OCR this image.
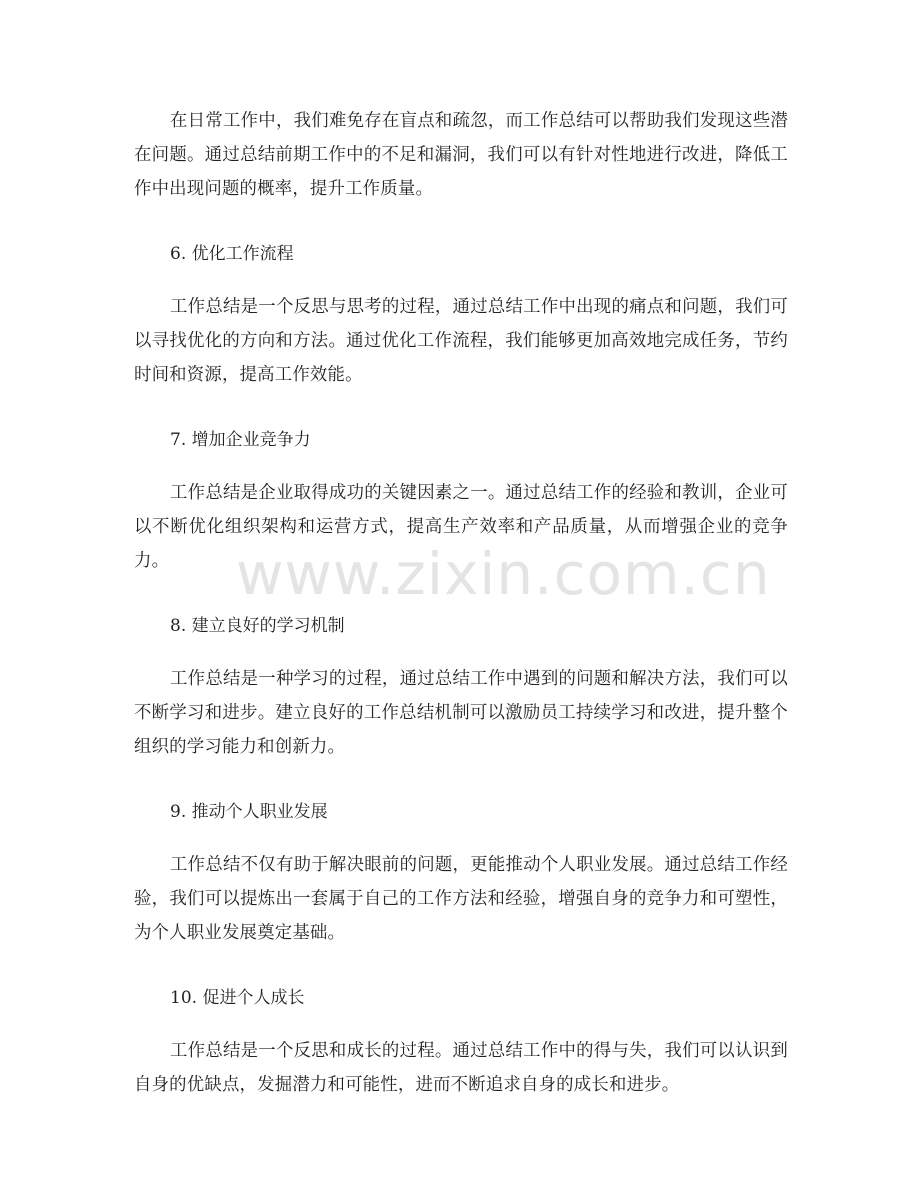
在日常工作中，我们难免存在盲点和疏忽，而工作总结可以帮助我们发现这些潜在问题。通过总结前期工作中的不足和漏洞，我们可以有针对性地进行改进，降低工作中出现问题的概率，提升工作质量。

6. 优化工作流程

工作总结是一个反思与思考的过程，通过总结工作中出现的痛点和问题，我们可以寻找优化的方向和方法。通过优化工作流程，我们能够更加高效地完成任务，节约时间和资源，提高工作效能。

7. 增加企业竞争力

工作总结是企业取得成功的关键因素之一。通过总结工作的经验和教训，企业可以不断优化组织架构和运营方式，提高生产效率和产品质量，从而增强企业的竞争力。

8. 建立良好的学习机制

工作总结是一种学习的过程，通过总结工作中遇到的问题和解决方法，我们可以不断学习和进步。建立良好的工作总结机制可以激励员工持续学习和改进，提升整个组织的学习能力和创新力。

9. 推动个人职业发展

工作总结不仅有助于解决眼前的问题，更能推动个人职业发展。通过总结工作经验，我们可以提炼出一套属于自己的工作方法和经验，增强自身的竞争力和可塑性，为个人职业发展奠定基础。

10. 促进个人成长

工作总结是一个反思和成长的过程。通过总结工作中的得与失，我们可以认识到自身的优缺点，发掘潜力和可能性，进而不断追求自身的成长和进步。

www.zixin.com.cn
